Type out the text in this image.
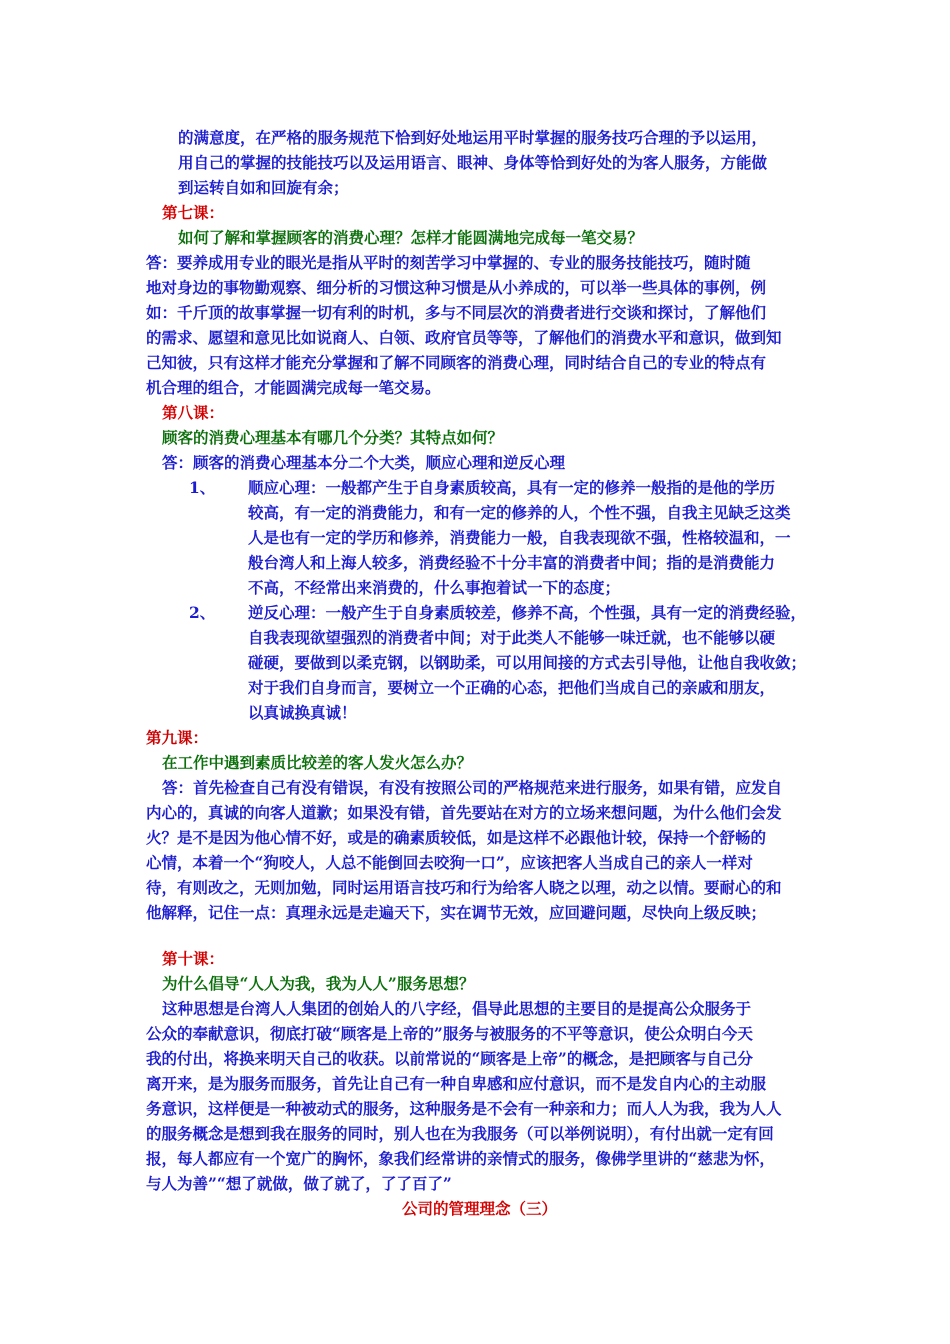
的满意度，在严格的服务规范下恰到好处地运用平时掌握的服务技巧合理的予以运用，
用自己的掌握的技能技巧以及运用语言、眼神、身体等恰到好处的为客人服务，方能做
到运转自如和回旋有余；
第七课：
如何了解和掌握顾客的消费心理？怎样才能圆满地完成每一笔交易？
答：要养成用专业的眼光是指从平时的刻苦学习中掌握的、专业的服务技能技巧，随时随
地对身边的事物勤观察、细分析的习惯这种习惯是从小养成的，可以举一些具体的事例，例
如：千斤顶的故事掌握一切有利的时机，多与不同层次的消费者进行交谈和探讨，了解他们
的需求、愿望和意见比如说商人、白领、政府官员等等，了解他们的消费水平和意识，做到知
己知彼，只有这样才能充分掌握和了解不同顾客的消费心理，同时结合自己的专业的特点有
机合理的组合，才能圆满完成每一笔交易。
第八课：
顾客的消费心理基本有哪几个分类？其特点如何？
答：顾客的消费心理基本分二个大类，顺应心理和逆反心理
1、 顺应心理：一般都产生于自身素质较高，具有一定的修养一般指的是他的学历
较高，有一定的消费能力，和有一定的修养的人，个性不强，自我主见缺乏这类
人是也有一定的学历和修养，消费能力一般，自我表现欲不强，性格较温和，一
般台湾人和上海人较多，消费经验不十分丰富的消费者中间；指的是消费能力
不高，不经常出来消费的，什么事抱着试一下的态度；
2、 逆反心理：一般产生于自身素质较差，修养不高，个性强，具有一定的消费经验，
自我表现欲望强烈的消费者中间；对于此类人不能够一味迁就，也不能够以硬
碰硬，要做到以柔克钢，以钢助柔，可以用间接的方式去引导他，让他自我收敛；
对于我们自身而言，要树立一个正确的心态，把他们当成自己的亲戚和朋友，
以真诚换真诚！
第九课：
在工作中遇到素质比较差的客人发火怎么办？
答：首先检查自己有没有错误，有没有按照公司的严格规范来进行服务，如果有错，应发自
内心的，真诚的向客人道歉；如果没有错，首先要站在对方的立场来想问题，为什么他们会发
火？是不是因为他心情不好，或是的确素质较低，如是这样不必跟他计较，保持一个舒畅的
心情，本着一个“狗咬人，人总不能倒回去咬狗一口”，应该把客人当成自己的亲人一样对
待，有则改之，无则加勉，同时运用语言技巧和行为给客人晓之以理，动之以情。要耐心的和
他解释，记住一点：真理永远是走遍天下，实在调节无效，应回避问题，尽快向上级反映；
第十课：
为什么倡导“人人为我，我为人人”服务思想？
这种思想是台湾人人集团的创始人的八字经，倡导此思想的主要目的是提高公众服务于
公众的奉献意识，彻底打破“顾客是上帝的”服务与被服务的不平等意识，使公众明白今天
我的付出，将换来明天自己的收获。以前常说的“顾客是上帝”的概念，是把顾客与自己分
离开来，是为服务而服务，首先让自己有一种自卑感和应付意识，而不是发自内心的主动服
务意识，这样便是一种被动式的服务，这种服务是不会有一种亲和力；而人人为我，我为人人
的服务概念是想到我在服务的同时，别人也在为我服务（可以举例说明），有付出就一定有回
报，每人都应有一个宽广的胸怀，象我们经常讲的亲情式的服务，像佛学里讲的“慈悲为怀，
与人为善”“想了就做，做了就了，了了百了”
公司的管理理念（三）
